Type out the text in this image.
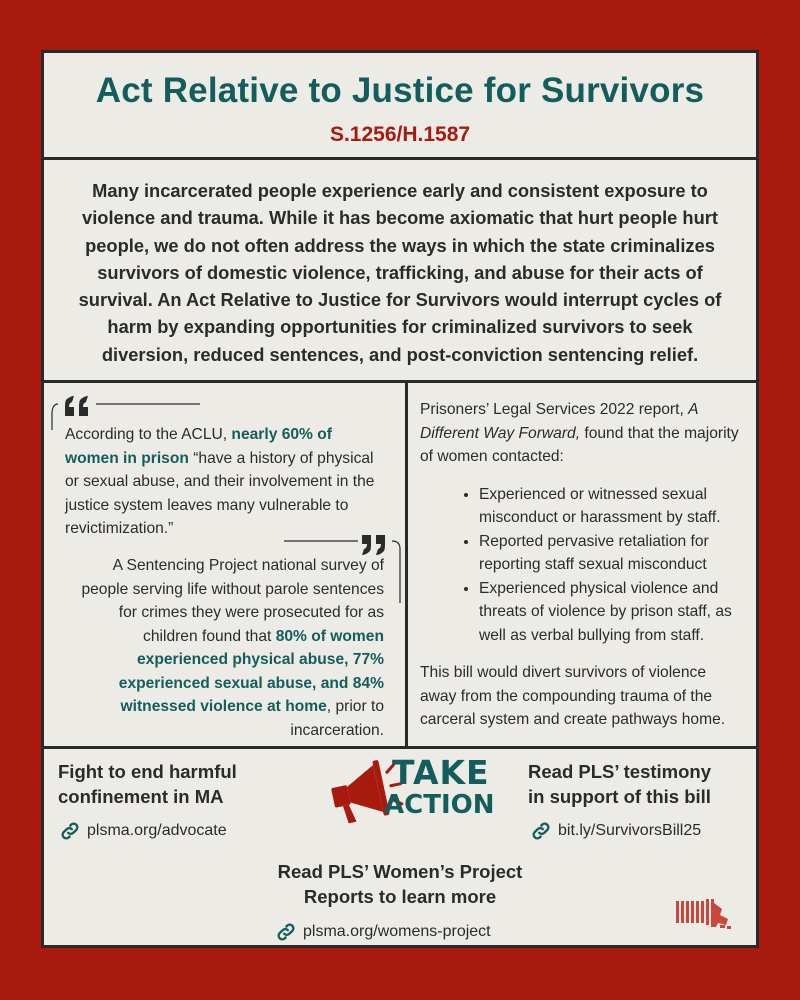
Act Relative to Justice for Survivors
S.1256/H.1587
Many incarcerated people experience early and consistent exposure to violence and trauma. While it has become axiomatic that hurt people hurt people, we do not often address the ways in which the state criminalizes survivors of domestic violence, trafficking, and abuse for their acts of survival. An Act Relative to Justice for Survivors would interrupt cycles of harm by expanding opportunities for criminalized survivors to seek diversion, reduced sentences, and post-conviction sentencing relief.
According to the ACLU, nearly 60% of women in prison “have a history of physical or sexual abuse, and their involvement in the justice system leaves many vulnerable to revictimization.”
A Sentencing Project national survey of people serving life without parole sentences for crimes they were prosecuted for as children found that 80% of women experienced physical abuse, 77% experienced sexual abuse, and 84% witnessed violence at home, prior to incarceration.
Prisoners’ Legal Services 2022 report, A Different Way Forward, found that the majority of women contacted:
• Experienced or witnessed sexual misconduct or harassment by staff.
• Reported pervasive retaliation for reporting staff sexual misconduct
• Experienced physical violence and threats of violence by prison staff, as well as verbal bullying from staff.
This bill would divert survivors of violence away from the compounding trauma of the carceral system and create pathways home.
Fight to end harmful
confinement in MA
plsma.org/advocate
TAKE
ACTION
Read PLS’ testimony
in support of this bill
bit.ly/SurvivorsBill25
Read PLS’ Women’s Project
Reports to learn more
plsma.org/womens-project
